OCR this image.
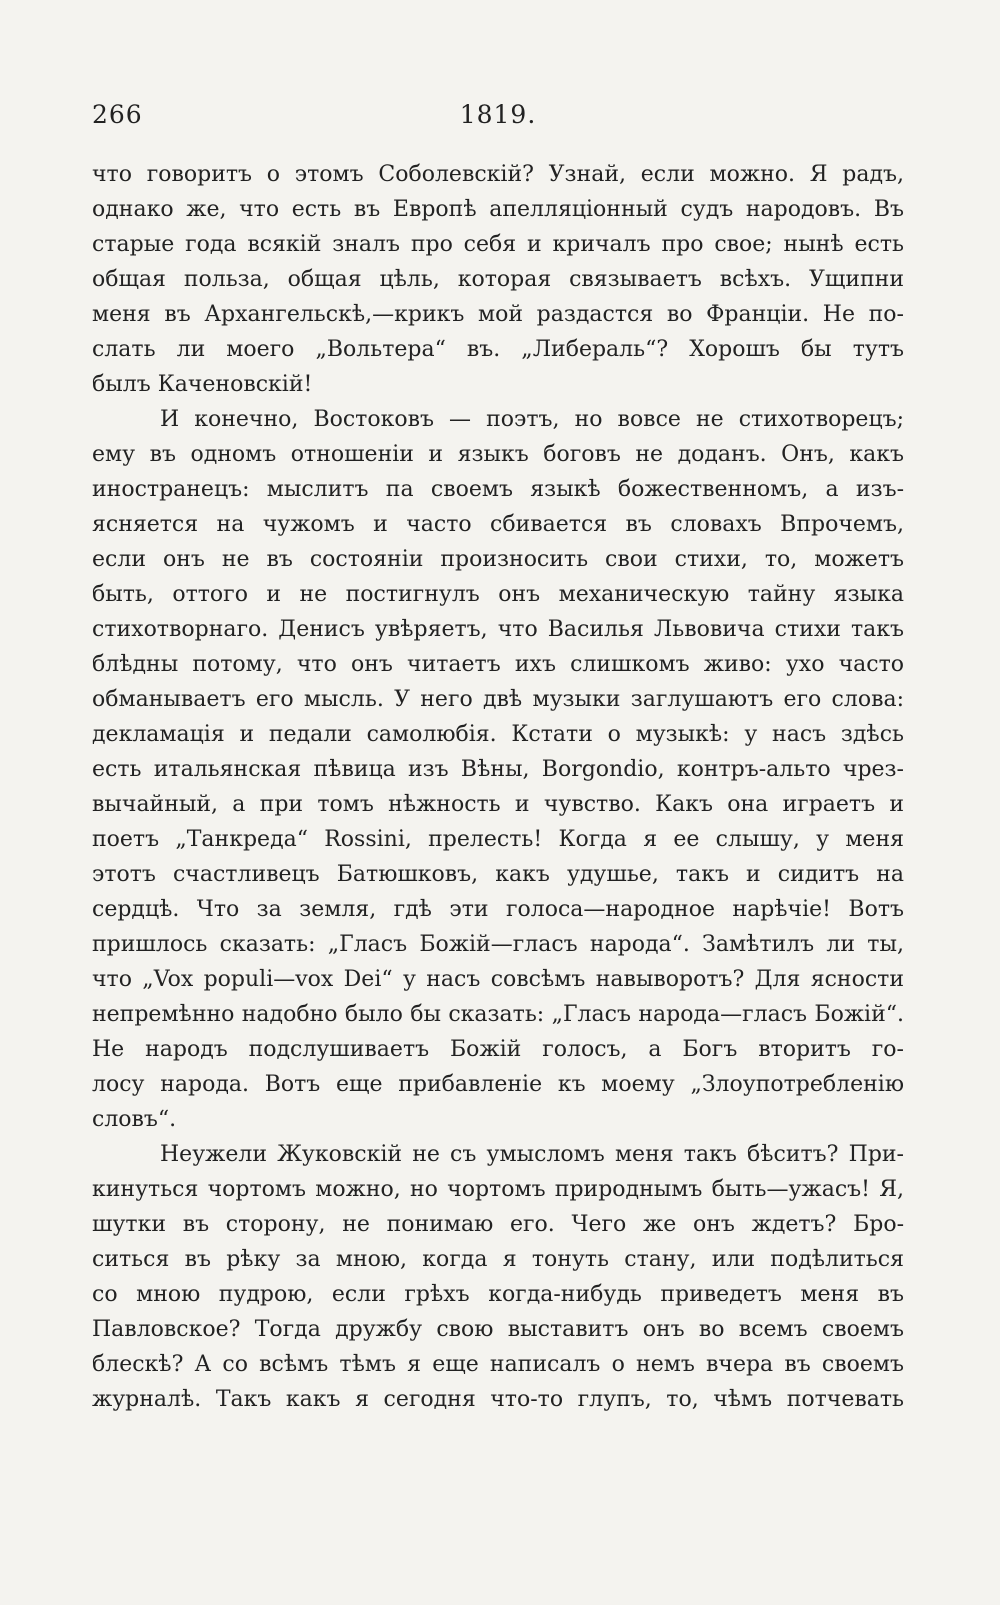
266	1819.

что говоритъ о этомъ Соболевскій? Узнай, если можно. Я радъ,
однако же, что есть въ Европѣ апелляціонный судъ народовъ. Въ
старые года всякій зналъ про себя и кричалъ про свое; нынѣ есть
общая польза, общая цѣль, которая связываетъ всѣхъ. Ущипни
меня въ Архангельскѣ,—крикъ мой раздастся во Франціи. Не по-
слать ли моего „Вольтера“ въ. „Либераль“? Хорошъ бы тутъ
былъ Каченовскій!

И конечно, Востоковъ — поэтъ, но вовсе не стихотворецъ;
ему въ одномъ отношеніи и языкъ боговъ не доданъ. Онъ, какъ
иностранецъ: мыслитъ па своемъ языкѣ божественномъ, а изъ-
ясняется на чужомъ и часто сбивается въ словахъ Впрочемъ,
если онъ не въ состояніи произносить свои стихи, то, можетъ
быть, оттого и не постигнулъ онъ механическую тайну языка
стихотворнаго. Денисъ увѣряетъ, что Василья Львовича стихи такъ
блѣдны потому, что онъ читаетъ ихъ слишкомъ живо: ухо часто
обманываетъ его мысль. У него двѣ музыки заглушаютъ его слова:
декламація и педали самолюбія. Кстати о музыкѣ: у насъ здѣсь
есть итальянская пѣвица изъ Вѣны, Borgondio, контръ-альто чрез-
вычайный, а при томъ нѣжность и чувство. Какъ она играетъ и
поетъ „Танкреда“ Rossini, прелесть! Когда я ее слышу, у меня
этотъ счастливецъ Батюшковъ, какъ удушье, такъ и сидитъ на
сердцѣ. Что за земля, гдѣ эти голоса—народное нарѣчіе! Вотъ
пришлось сказать: „Гласъ Божій—гласъ народа“. Замѣтилъ ли ты,
что „Vox populi—vox Dei“ у насъ совсѣмъ навыворотъ? Для ясности
непремѣнно надобно было бы сказать: „Гласъ народа—гласъ Божій“.
Не народъ подслушиваетъ Божій голосъ, а Богъ вторитъ го-
лосу народа. Вотъ еще прибавленіе къ моему „Злоупотребленію
словъ“.

Неужели Жуковскій не съ умысломъ меня такъ бѣситъ? При-
кинуться чортомъ можно, но чортомъ природнымъ быть—ужасъ! Я,
шутки въ сторону, не понимаю его. Чего же онъ ждетъ? Бро-
ситься въ рѣку за мною, когда я тонуть стану, или подѣлиться
со мною пудрою, если грѣхъ когда-нибудь приведетъ меня въ
Павловское? Тогда дружбу свою выставитъ онъ во всемъ своемъ
блескѣ? А со всѣмъ тѣмъ я еще написалъ о немъ вчера въ своемъ
журналѣ. Такъ какъ я сегодня что-то глупъ, то, чѣмъ потчевать
